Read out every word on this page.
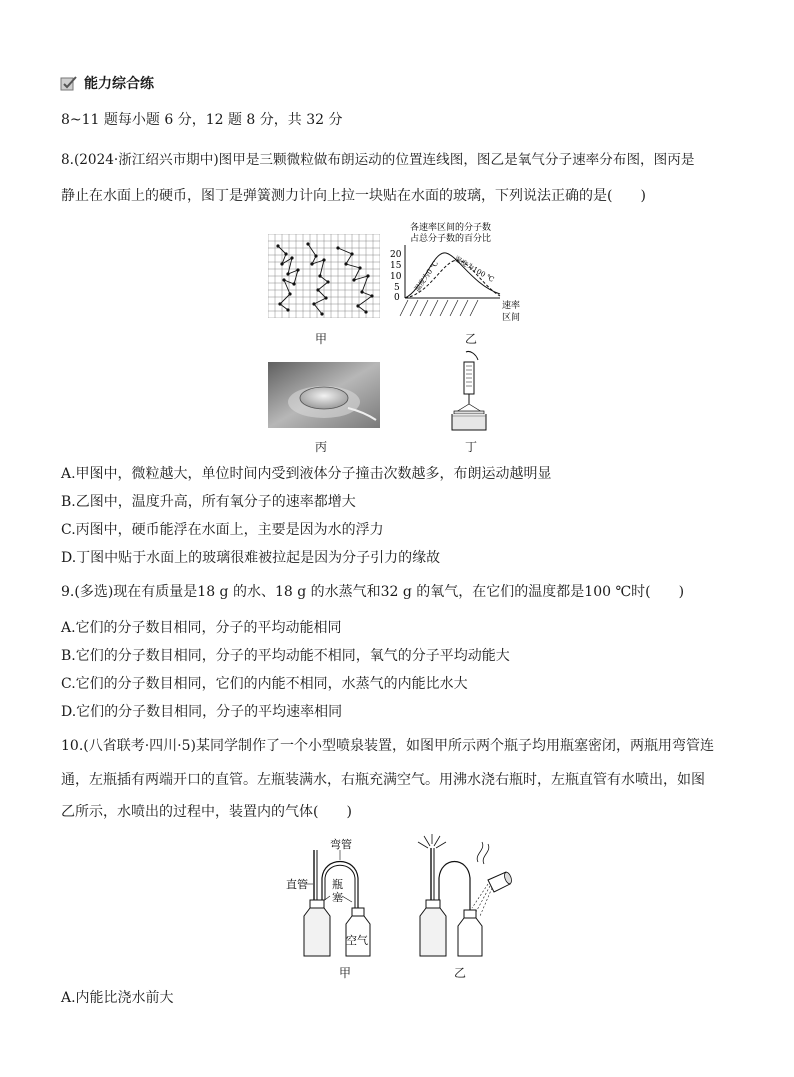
能力综合练
8~11 题每小题 6 分，12 题 8 分，共 32 分
8.(2024·浙江绍兴市期中)图甲是三颗微粒做布朗运动的位置连线图，图乙是氧气分子速率分布图，图丙是
静止在水面上的硬币，图丁是弹簧测力计向上拉一块贴在水面的玻璃，下列说法正确的是(　　)
甲
各速率区间的分子数
占总分子数的百分比
20
15
10
5
0
温度为0 ℃ 温度为100 ℃
速率
区间
乙
丙	丁
A.甲图中，微粒越大，单位时间内受到液体分子撞击次数越多，布朗运动越明显
B.乙图中，温度升高，所有氧分子的速率都增大
C.丙图中，硬币能浮在水面上，主要是因为水的浮力
D.丁图中贴于水面上的玻璃很难被拉起是因为分子引力的缘故
9.(多选)现在有质量是18 g 的水、18 g 的水蒸气和32 g 的氧气，在它们的温度都是100 ℃时(　　)
A.它们的分子数目相同，分子的平均动能相同
B.它们的分子数目相同，分子的平均动能不相同，氧气的分子平均动能大
C.它们的分子数目相同，它们的内能不相同，水蒸气的内能比水大
D.它们的分子数目相同，分子的平均速率相同
10.(八省联考·四川·5)某同学制作了一个小型喷泉装置，如图甲所示两个瓶子均用瓶塞密闭，两瓶用弯管连
通，左瓶插有两端开口的直管。左瓶装满水，右瓶充满空气。用沸水浇右瓶时，左瓶直管有水喷出，如图
乙所示，水喷出的过程中，装置内的气体(　　)
弯管
直管 瓶
塞
空气
甲	乙
A.内能比浇水前大
